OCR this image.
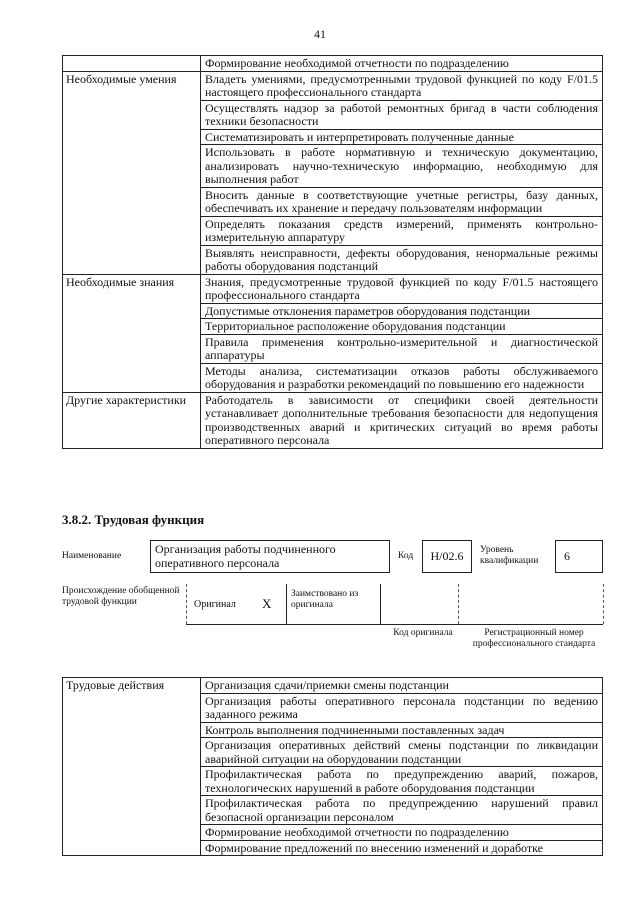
41
	Формирование необходимой отчетности по подразделению
Необходимые умения	Владеть умениями, предусмотренными трудовой функцией по коду F/01.5 настоящего профессионального стандарта
	Осуществлять надзор за работой ремонтных бригад в части соблюдения техники безопасности
	Систематизировать и интерпретировать полученные данные
	Использовать в работе нормативную и техническую документацию, анализировать научно-техническую информацию, необходимую для выполнения работ
	Вносить данные в соответствующие учетные регистры, базу данных, обеспечивать их хранение и передачу пользователям информации
	Определять показания средств измерений, применять контрольно-измерительную аппаратуру
	Выявлять неисправности, дефекты оборудования, ненормальные режимы работы оборудования подстанций
Необходимые знания	Знания, предусмотренные трудовой функцией по коду F/01.5 настоящего профессионального стандарта
	Допустимые отклонения параметров оборудования подстанции
	Территориальное расположение оборудования подстанции
	Правила применения контрольно-измерительной и диагностической аппаратуры
	Методы анализа, систематизации отказов работы обслуживаемого оборудования и разработки рекомендаций по повышению его надежности
Другие характеристики	Работодатель в зависимости от специфики своей деятельности устанавливает дополнительные требования безопасности для недопущения производственных аварий и критических ситуаций во время работы оперативного персонала
3.8.2. Трудовая функция
Наименование	Организация работы подчиненного оперативного персонала	Код	H/02.6	Уровень квалификации	6
Происхождение обобщенной трудовой функции	Оригинал X
Заимствовано из оригинала
Код оригинала	Регистрационный номер профессионального стандарта
Трудовые действия	Организация сдачи/приемки смены подстанции
Организация работы оперативного персонала подстанции по ведению заданного режима
Контроль выполнения подчиненными поставленных задач
Организация оперативных действий смены подстанции по ликвидации аварийной ситуации на оборудовании подстанции
Профилактическая работа по предупреждению аварий, пожаров, технологических нарушений в работе оборудования подстанции
Профилактическая работа по предупреждению нарушений правил безопасной организации персоналом
Формирование необходимой отчетности по подразделению
Формирование предложений по внесению изменений и доработке
